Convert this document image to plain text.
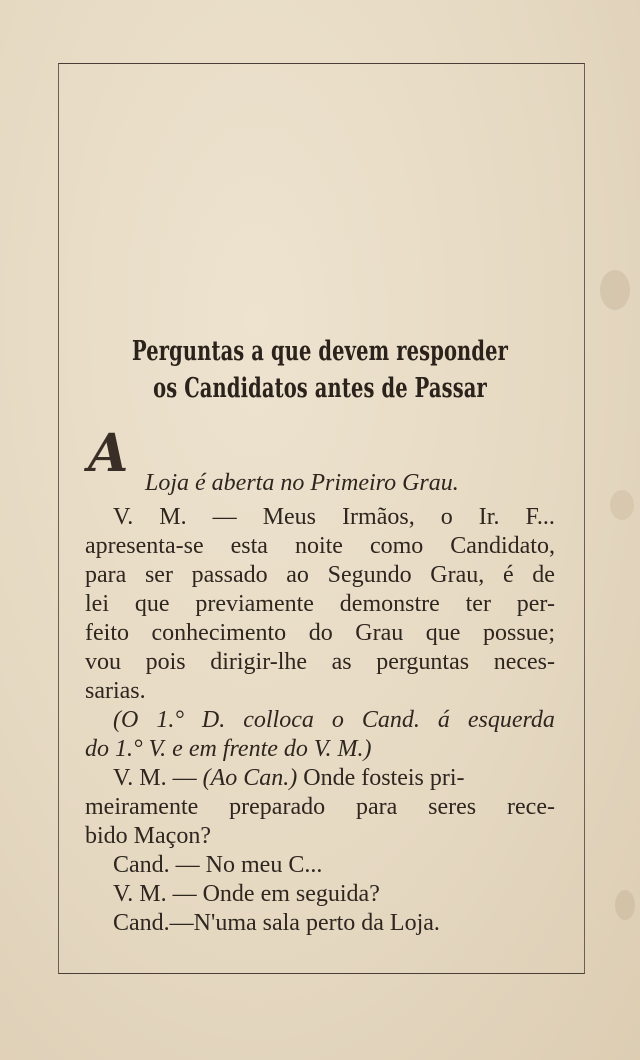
Perguntas a que devem responder
os Candidatos antes de Passar
A Loja é aberta no Primeiro Grau.
V. M. — Meus Irmãos, o Ir. F...
apresenta-se esta noite como Candidato,
para ser passado ao Segundo Grau, é de
lei que previamente demonstre ter per-
feito conhecimento do Grau que possue;
vou pois dirigir-lhe as perguntas neces-
sarias.
(O 1.° D. colloca o Cand. á esquerda
do 1.° V. e em frente do V. M.)
V. M. — (Ao Can.) Onde fosteis pri-
meiramente preparado para seres rece-
bido Maçon?
Cand. — No meu C...
V. M. — Onde em seguida?
Cand.—N'uma sala perto da Loja.
